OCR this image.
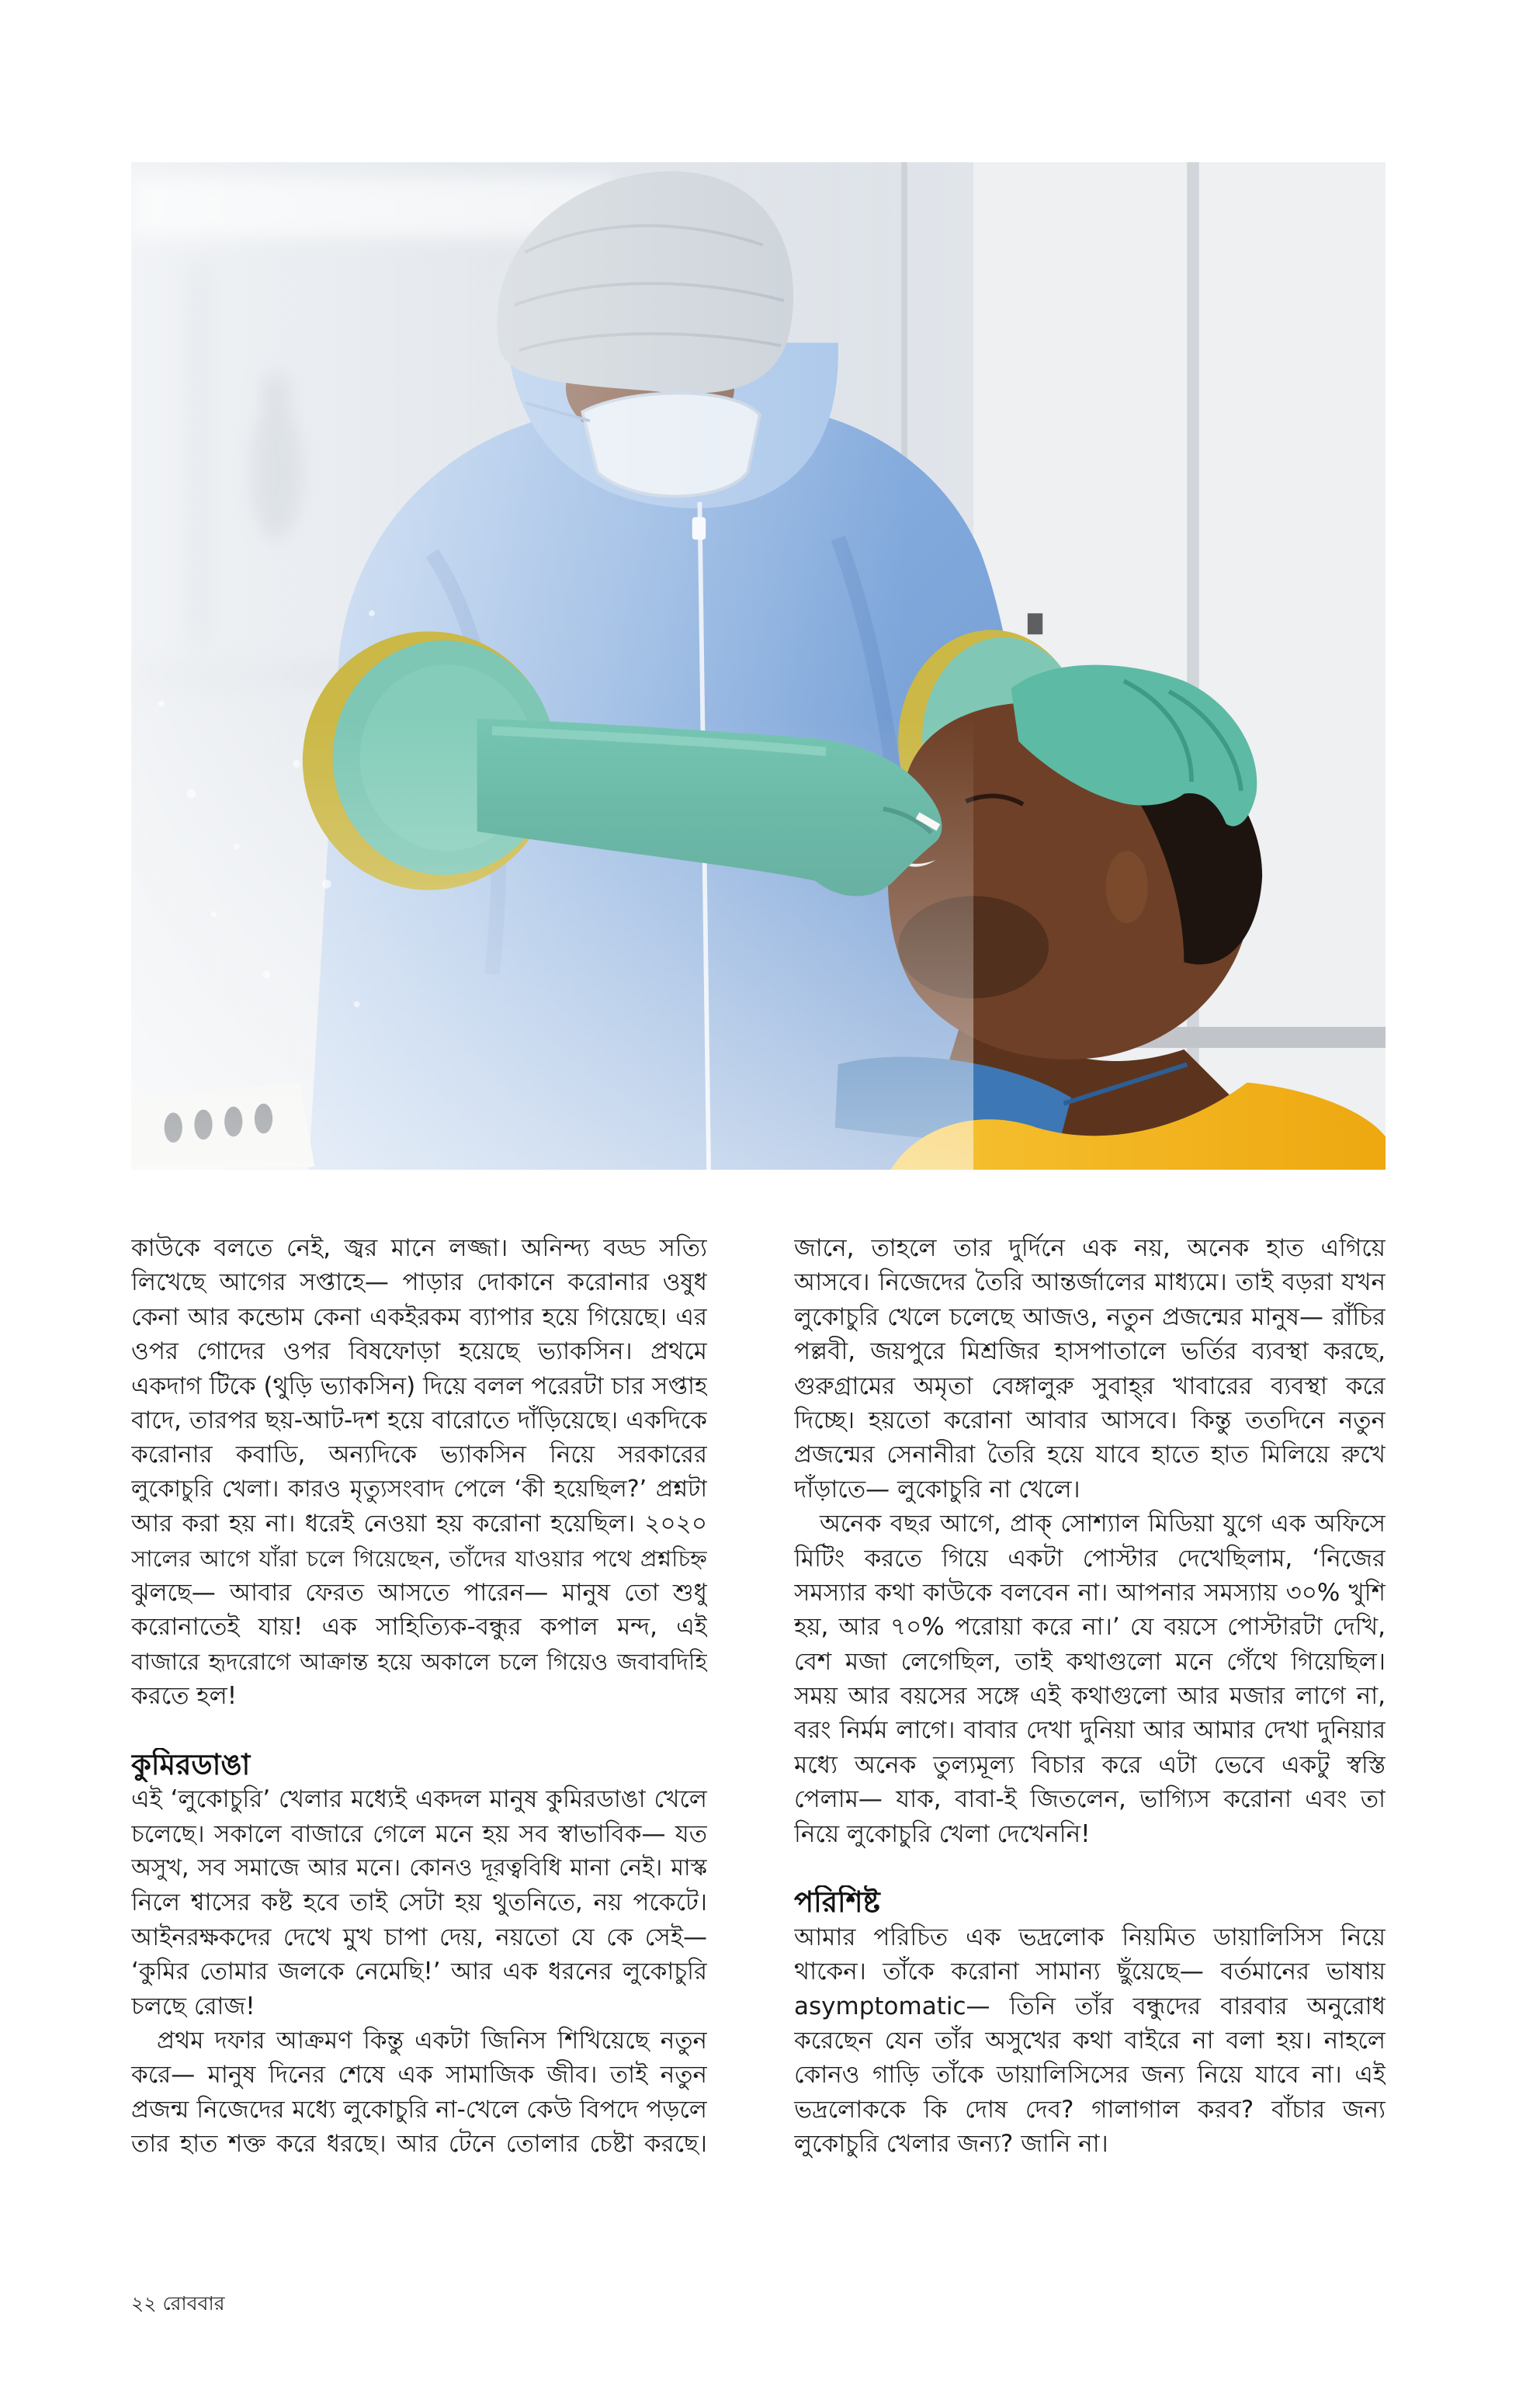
কাউকে বলতে নেই, জ্বর মানে লজ্জা। অনিন্দ্য বড্ড সত্যি
লিখেছে আগের সপ্তাহে— পাড়ার দোকানে করোনার ওষুধ
কেনা আর কন্ডোম কেনা একইরকম ব্যাপার হয়ে গিয়েছে। এর
ওপর গোদের ওপর বিষফোড়া হয়েছে ভ্যাকসিন। প্রথমে
একদাগ টিকে (থুড়ি ভ্যাকসিন) দিয়ে বলল পরেরটা চার সপ্তাহ
বাদে, তারপর ছয়-আট-দশ হয়ে বারোতে দাঁড়িয়েছে। একদিকে
করোনার কবাডি, অন্যদিকে ভ্যাকসিন নিয়ে সরকারের
লুকোচুরি খেলা। কারও মৃত্যুসংবাদ পেলে ‘কী হয়েছিল?’ প্রশ্নটা
আর করা হয় না। ধরেই নেওয়া হয় করোনা হয়েছিল। ২০২০
সালের আগে যাঁরা চলে গিয়েছেন, তাঁদের যাওয়ার পথে প্রশ্নচিহ্ন
ঝুলছে— আবার ফেরত আসতে পারেন— মানুষ তো শুধু
করোনাতেই যায়! এক সাহিত্যিক-বন্ধুর কপাল মন্দ, এই
বাজারে হৃদরোগে আক্রান্ত হয়ে অকালে চলে গিয়েও জবাবদিহি
করতে হল!
কুমিরডাঙা
এই ‘লুকোচুরি’ খেলার মধ্যেই একদল মানুষ কুমিরডাঙা খেলে
চলেছে। সকালে বাজারে গেলে মনে হয় সব স্বাভাবিক— যত
অসুখ, সব সমাজে আর মনে। কোনও দূরত্ববিধি মানা নেই। মাস্ক
নিলে শ্বাসের কষ্ট হবে তাই সেটা হয় থুতনিতে, নয় পকেটে।
আইনরক্ষকদের দেখে মুখ চাপা দেয়, নয়তো যে কে সেই—
‘কুমির তোমার জলকে নেমেছি!’ আর এক ধরনের লুকোচুরি
চলছে রোজ!
প্রথম দফার আক্রমণ কিন্তু একটা জিনিস শিখিয়েছে নতুন
করে— মানুষ দিনের শেষে এক সামাজিক জীব। তাই নতুন
প্রজন্ম নিজেদের মধ্যে লুকোচুরি না-খেলে কেউ বিপদে পড়লে
তার হাত শক্ত করে ধরছে। আর টেনে তোলার চেষ্টা করছে।
জানে, তাহলে তার দুর্দিনে এক নয়, অনেক হাত এগিয়ে
আসবে। নিজেদের তৈরি আন্তর্জালের মাধ্যমে। তাই বড়রা যখন
লুকোচুরি খেলে চলেছে আজও, নতুন প্রজন্মের মানুষ— রাঁচির
পল্লবী, জয়পুরে মিশ্রজির হাসপাতালে ভর্তির ব্যবস্থা করছে,
গুরুগ্রামের অমৃতা বেঙ্গালুরু সুবাহ্‌র খাবারের ব্যবস্থা করে
দিচ্ছে। হয়তো করোনা আবার আসবে। কিন্তু ততদিনে নতুন
প্রজন্মের সেনানীরা তৈরি হয়ে যাবে হাতে হাত মিলিয়ে রুখে
দাঁড়াতে— লুকোচুরি না খেলে।
অনেক বছর আগে, প্রাক্‌ সোশ্যাল মিডিয়া যুগে এক অফিসে
মিটিং করতে গিয়ে একটা পোস্টার দেখেছিলাম, ‘নিজের
সমস্যার কথা কাউকে বলবেন না। আপনার সমস্যায় ৩০% খুশি
হয়, আর ৭০% পরোয়া করে না।’ যে বয়সে পোস্টারটা দেখি,
বেশ মজা লেগেছিল, তাই কথাগুলো মনে গেঁথে গিয়েছিল।
সময় আর বয়সের সঙ্গে এই কথাগুলো আর মজার লাগে না,
বরং নির্মম লাগে। বাবার দেখা দুনিয়া আর আমার দেখা দুনিয়ার
মধ্যে অনেক তুল্যমূল্য বিচার করে এটা ভেবে একটু স্বস্তি
পেলাম— যাক, বাবা-ই জিতলেন, ভাগ্যিস করোনা এবং তা
নিয়ে লুকোচুরি খেলা দেখেননি!
পরিশিষ্ট
আমার পরিচিত এক ভদ্রলোক নিয়মিত ডায়ালিসিস নিয়ে
থাকেন। তাঁকে করোনা সামান্য ছুঁয়েছে— বর্তমানের ভাষায়
asymptomatic— তিনি তাঁর বন্ধুদের বারবার অনুরোধ
করেছেন যেন তাঁর অসুখের কথা বাইরে না বলা হয়। নাহলে
কোনও গাড়ি তাঁকে ডায়ালিসিসের জন্য নিয়ে যাবে না। এই
ভদ্রলোককে কি দোষ দেব? গালাগাল করব? বাঁচার জন্য
লুকোচুরি খেলার জন্য? জানি না।
২২ রোববার
